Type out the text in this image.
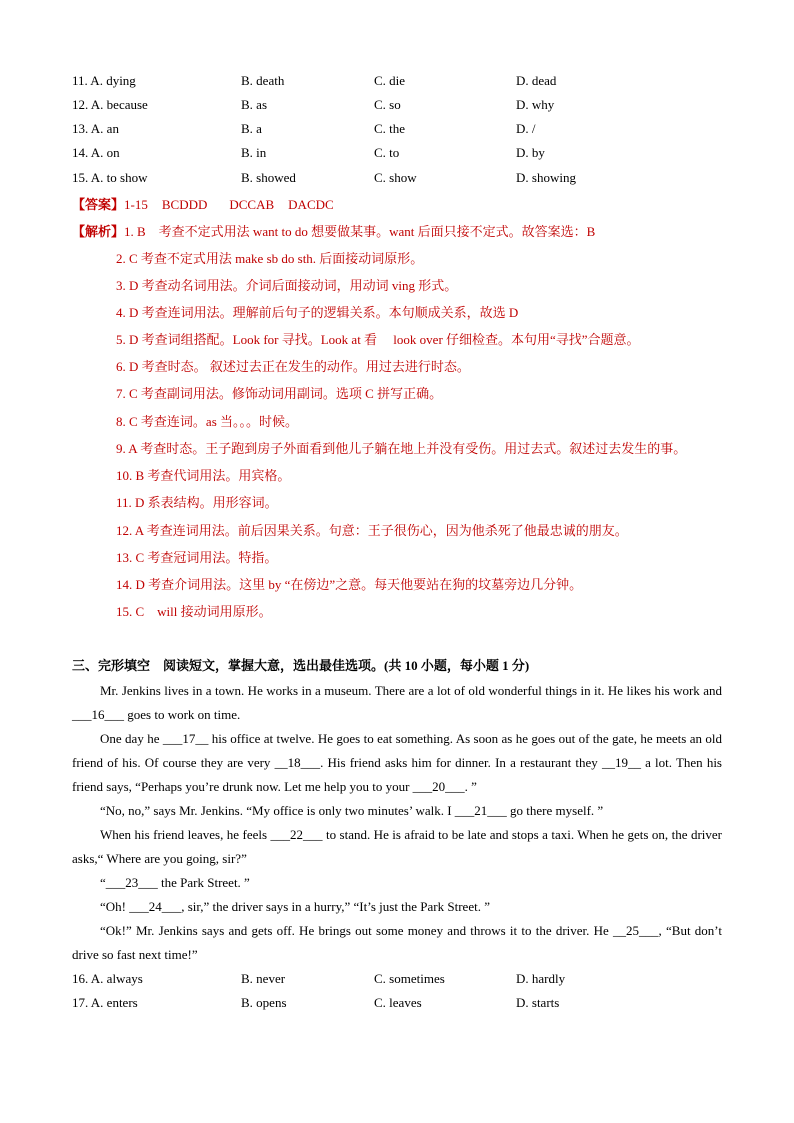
11. A. dying	B. death	C. die	D. dead
12. A. because	B. as	C. so	D. why
13. A. an	B. a	C. the	D. /
14. A. on	B. in	C. to	D. by
15. A. to show	B. showed	C. show	D. showing
【答案】1-15 BCDDD DCCAB DACDC
【解析】1. B　考查不定式用法 want to do 想要做某事。want 后面只接不定式。故答案选：B
2. C 考查不定式用法 make sb do sth. 后面接动词原形。
3. D 考查动名词用法。介词后面接动词，用动词 ving 形式。
4. D 考查连词用法。理解前后句子的逻辑关系。本句顺成关系，故选 D
5. D 考查词组搭配。Look for 寻找。Look at 看　 look over 仔细检查。本句用“寻找”合题意。
6. D 考查时态。 叙述过去正在发生的动作。用过去进行时态。
7. C 考查副词用法。修饰动词用副词。选项 C 拼写正确。
8. C 考查连词。as 当。。。时候。
9. A 考查时态。王子跑到房子外面看到他儿子躺在地上并没有受伤。用过去式。叙述过去发生的事。
10. B 考查代词用法。用宾格。
11. D 系表结构。用形容词。
12. A 考查连词用法。前后因果关系。句意：王子很伤心，因为他杀死了他最忠诚的朋友。
13. C 考查冠词用法。特指。
14. D 考查介词用法。这里 by “在傍边”之意。每天他要站在狗的坟墓旁边几分钟。
15. C　will 接动词用原形。
三、完形填空　阅读短文，掌握大意，选出最佳选项。(共 10 小题，每小题 1 分)
Mr. Jenkins lives in a town. He works in a museum. There are a lot of old wonderful things in it. He likes his work and ___16___ goes to work on time.
One day he ___17__ his office at twelve. He goes to eat something. As soon as he goes out of the gate, he meets an old friend of his. Of course they are very __18___. His friend asks him for dinner. In a restaurant they __19__ a lot. Then his friend says, “Perhaps you’re drunk now. Let me help you to your ___20___. ”
“No, no,” says Mr. Jenkins. “My office is only two minutes’ walk. I ___21___ go there myself. ”
When his friend leaves, he feels ___22___ to stand. He is afraid to be late and stops a taxi. When he gets on, the driver asks,“ Where are you going, sir?”
“___23___ the Park Street. ”
“Oh! ___24___, sir,” the driver says in a hurry,” “It’s just the Park Street. ”
“Ok!” Mr. Jenkins says and gets off. He brings out some money and throws it to the driver. He __25___, “But don’t drive so fast next time!”
16. A. always	B. never	C. sometimes	D. hardly
17. A. enters	B. opens	C. leaves	D. starts
